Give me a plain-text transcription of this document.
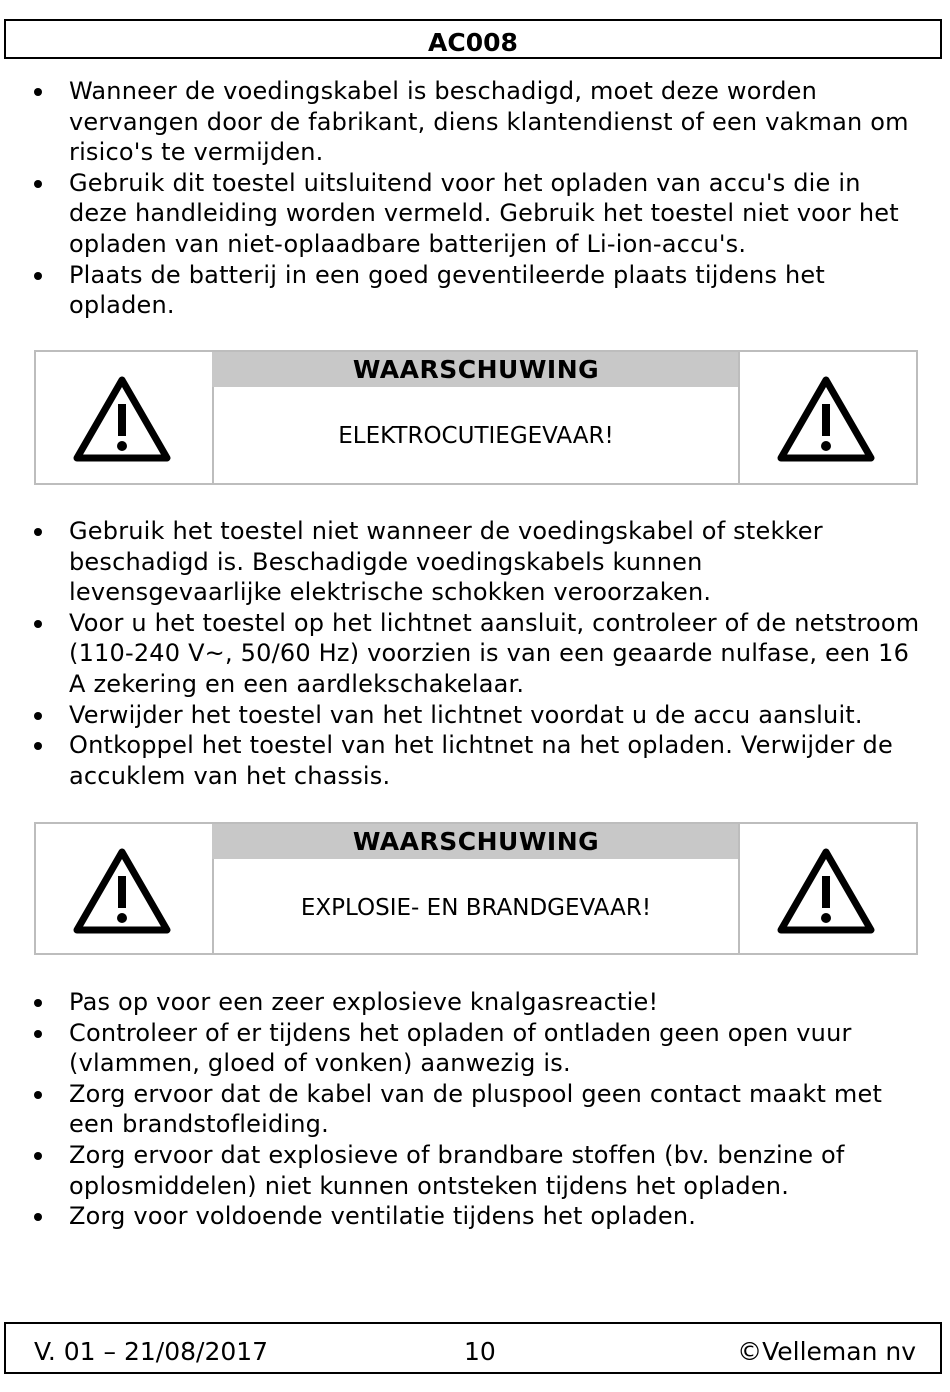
AC008
Wanneer de voedingskabel is beschadigd, moet deze worden vervangen door de fabrikant, diens klantendienst of een vakman om risico's te vermijden.
Gebruik dit toestel uitsluitend voor het opladen van accu's die in deze handleiding worden vermeld. Gebruik het toestel niet voor het opladen van niet-oplaadbare batterijen of Li-ion-accu's.
Plaats de batterij in een goed geventileerde plaats tijdens het opladen.
WAARSCHUWING
ELEKTROCUTIEGEVAAR!
Gebruik het toestel niet wanneer de voedingskabel of stekker beschadigd is. Beschadigde voedingskabels kunnen levensgevaarlijke elektrische schokken veroorzaken.
Voor u het toestel op het lichtnet aansluit, controleer of de netstroom (110-240 V~, 50/60 Hz) voorzien is van een geaarde nulfase, een 16 A zekering en een aardlekschakelaar.
Verwijder het toestel van het lichtnet voordat u de accu aansluit.
Ontkoppel het toestel van het lichtnet na het opladen. Verwijder de accuklem van het chassis.
WAARSCHUWING
EXPLOSIE- EN BRANDGEVAAR!
Pas op voor een zeer explosieve knalgasreactie!
Controleer of er tijdens het opladen of ontladen geen open vuur (vlammen, gloed of vonken) aanwezig is.
Zorg ervoor dat de kabel van de pluspool geen contact maakt met een brandstofleiding.
Zorg ervoor dat explosieve of brandbare stoffen (bv. benzine of oplosmiddelen) niet kunnen ontsteken tijdens het opladen.
Zorg voor voldoende ventilatie tijdens het opladen.
V. 01 – 21/08/2017	10	©Velleman nv
